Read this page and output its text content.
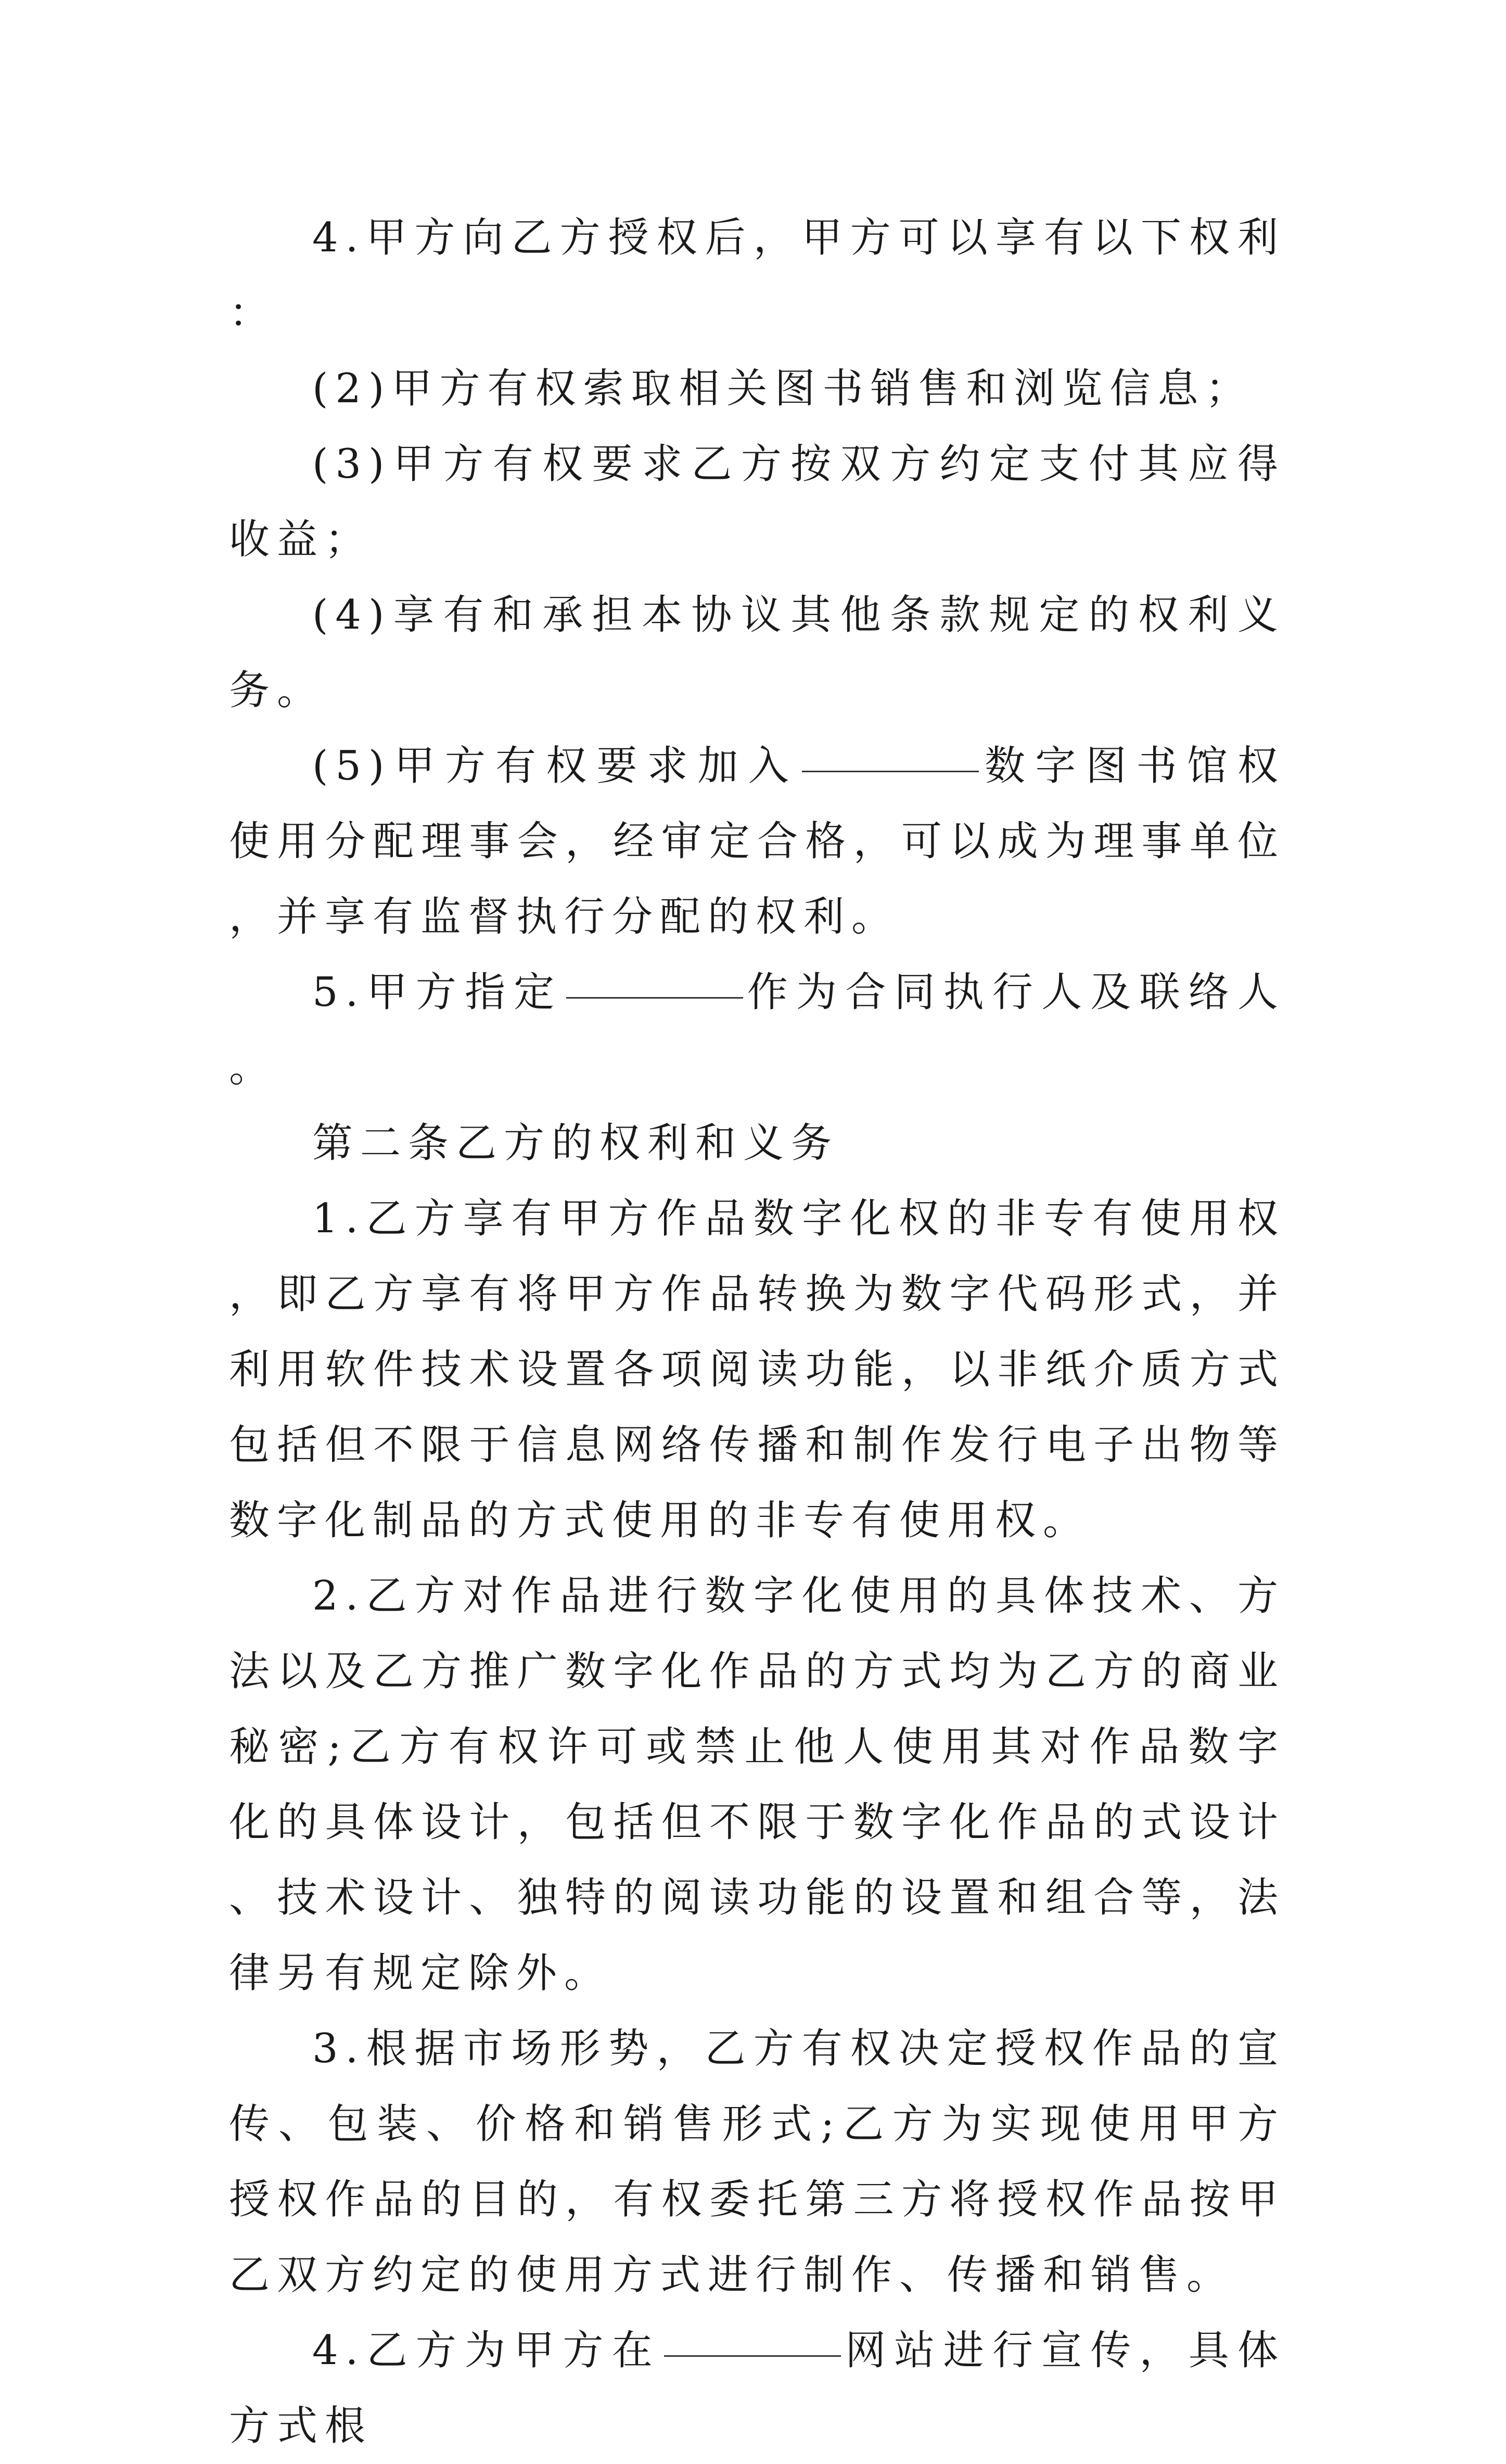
4.甲方向乙方授权后，甲方可以享有以下权利：

(2)甲方有权索取相关图书销售和浏览信息；

(3)甲方有权要求乙方按双方约定支付其应得收益；

(4)享有和承担本协议其他条款规定的权利义务。

(5)甲方有权要求加入	数字图书馆权使用分配理事会，经审定合格，可以成为理事单位，并享有监督执行分配的权利。

5.甲方指定	作为合同执行人及联络人。

第二条乙方的权利和义务

1.乙方享有甲方作品数字化权的非专有使用权，即乙方享有将甲方作品转换为数字代码形式，并利用软件技术设置各项阅读功能，以非纸介质方式包括但不限于信息网络传播和制作发行电子出物等数字化制品的方式使用的非专有使用权。

2.乙方对作品进行数字化使用的具体技术、方法以及乙方推广数字化作品的方式均为乙方的商业秘密;乙方有权许可或禁止他人使用其对作品数字化的具体设计，包括但不限于数字化作品的式设计、技术设计、独特的阅读功能的设置和组合等，法律另有规定除外。

3.根据市场形势，乙方有权决定授权作品的宣传、包装、价格和销售形式;乙方为实现使用甲方授权作品的目的，有权委托第三方将授权作品按甲乙双方约定的使用方式进行制作、传播和销售。

4.乙方为甲方在	网站进行宣传，具体方式根
